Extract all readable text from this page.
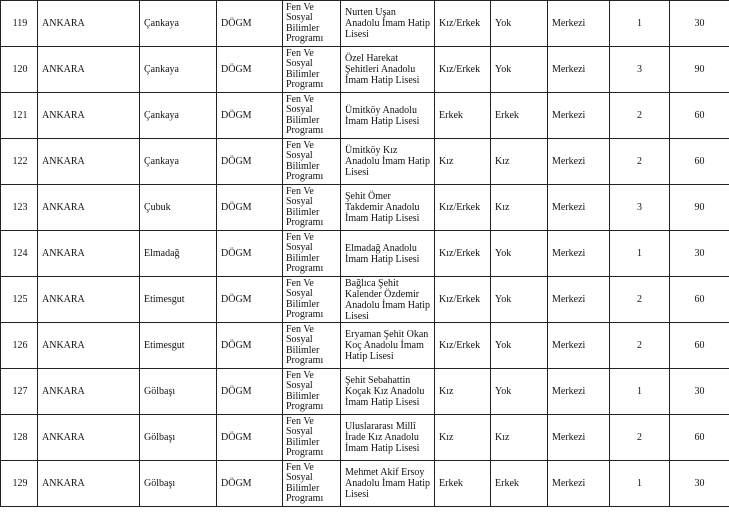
119	ANKARA	Çankaya	DÖGM	Fen Ve Sosyal Bilimler Programı	Nurten Uşan Anadolu İmam Hatip Lisesi	Kız/Erkek	Yok	Merkezi	1	30
120	ANKARA	Çankaya	DÖGM	Fen Ve Sosyal Bilimler Programı	Özel Harekat Şehitleri Anadolu İmam Hatip Lisesi	Kız/Erkek	Yok	Merkezi	3	90
121	ANKARA	Çankaya	DÖGM	Fen Ve Sosyal Bilimler Programı	Ümitköy Anadolu İmam Hatip Lisesi	Erkek	Erkek	Merkezi	2	60
122	ANKARA	Çankaya	DÖGM	Fen Ve Sosyal Bilimler Programı	Ümitköy Kız Anadolu İmam Hatip Lisesi	Kız	Kız	Merkezi	2	60
123	ANKARA	Çubuk	DÖGM	Fen Ve Sosyal Bilimler Programı	Şehit Ömer Takdemir Anadolu İmam Hatip Lisesi	Kız/Erkek	Kız	Merkezi	3	90
124	ANKARA	Elmadağ	DÖGM	Fen Ve Sosyal Bilimler Programı	Elmadağ Anadolu İmam Hatip Lisesi	Kız/Erkek	Yok	Merkezi	1	30
125	ANKARA	Etimesgut	DÖGM	Fen Ve Sosyal Bilimler Programı	Bağlıca Şehit Kalender Özdemir Anadolu İmam Hatip Lisesi	Kız/Erkek	Yok	Merkezi	2	60
126	ANKARA	Etimesgut	DÖGM	Fen Ve Sosyal Bilimler Programı	Eryaman Şehit Okan Koç Anadolu İmam Hatip Lisesi	Kız/Erkek	Yok	Merkezi	2	60
127	ANKARA	Gölbaşı	DÖGM	Fen Ve Sosyal Bilimler Programı	Şehit Sebahattin Koçak Kız Anadolu İmam Hatip Lisesi	Kız	Yok	Merkezi	1	30
128	ANKARA	Gölbaşı	DÖGM	Fen Ve Sosyal Bilimler Programı	Uluslararası Millî İrade Kız Anadolu İmam Hatip Lisesi	Kız	Kız	Merkezi	2	60
129	ANKARA	Gölbaşı	DÖGM	Fen Ve Sosyal Bilimler Programı	Mehmet Akif Ersoy Anadolu İmam Hatip Lisesi	Erkek	Erkek	Merkezi	1	30
